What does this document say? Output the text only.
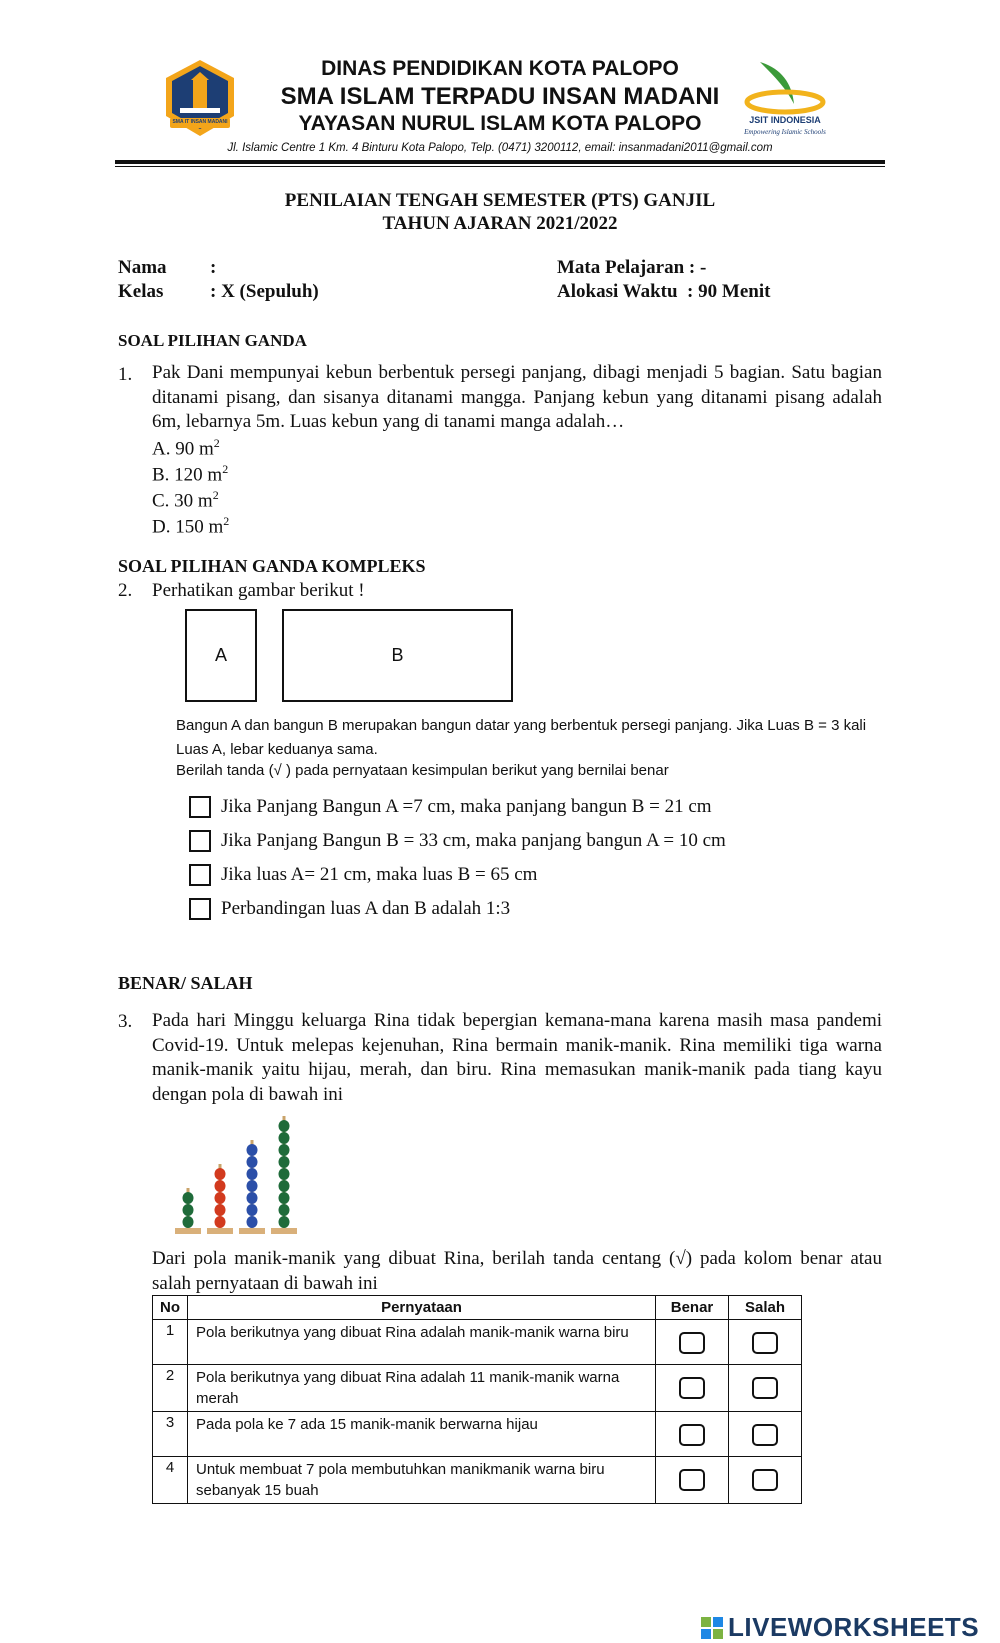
SMA IT INSAN MADANI
DINAS PENDIDIKAN KOTA PALOPO
SMA ISLAM TERPADU INSAN MADANI
YAYASAN NURUL ISLAM KOTA PALOPO
Jl. Islamic Centre 1 Km. 4 Binturu Kota Palopo, Telp. (0471) 3200112, email: insanmadani2011@gmail.com
JSIT INDONESIA
Empowering Islamic Schools
PENILAIAN TENGAH SEMESTER (PTS) GANJIL
TAHUN AJARAN 2021/2022
Nama :
Kelas : X (Sepuluh)
Mata Pelajaran : -
Alokasi Waktu  : 90 Menit
SOAL PILIHAN GANDA
1. Pak Dani mempunyai kebun berbentuk persegi panjang, dibagi menjadi 5 bagian. Satu bagian ditanami pisang, dan sisanya ditanami mangga. Panjang kebun yang ditanami pisang adalah 6m, lebarnya 5m. Luas kebun yang di tanami manga adalah…
A. 90 $m^2$
B. 120 $m^2$
C. 30 $m^2$
D. 150 $m^2$
SOAL PILIHAN GANDA KOMPLEKS
2. Perhatikan gambar berikut !
A	B
Bangun A dan bangun B merupakan bangun datar yang berbentuk persegi panjang. Jika Luas B = 3 kali Luas A, lebar keduanya sama.
Berilah tanda (√ ) pada pernyataan kesimpulan berikut yang bernilai benar
Jika Panjang Bangun A =7 cm, maka panjang bangun B = 21 cm
Jika Panjang Bangun B = 33 cm, maka panjang bangun A = 10 cm
Jika luas A= 21 cm, maka luas B = 65 cm
Perbandingan luas A dan B adalah 1:3
BENAR/ SALAH
3. Pada hari Minggu keluarga Rina tidak bepergian kemana-mana karena masih masa pandemi Covid-19. Untuk melepas kejenuhan, Rina bermain manik-manik. Rina memiliki tiga warna manik-manik yaitu hijau, merah, dan biru. Rina memasukan manik-manik pada tiang kayu dengan pola di bawah ini
Dari pola manik-manik yang dibuat Rina, berilah tanda centang (√) pada kolom benar atau salah pernyataan di bawah ini
No	Pernyataan	Benar	Salah
1	Pola berikutnya yang dibuat Rina adalah manik-manik warna biru	

2	Pola berikutnya yang dibuat Rina adalah 11 manik-manik warna merah	

3	Pada pola ke 7 ada 15 manik-manik berwarna hijau	

4	Untuk membuat 7 pola membutuhkan manikmanik warna biru sebanyak 15 buah	

LIVEWORKSHEETS
